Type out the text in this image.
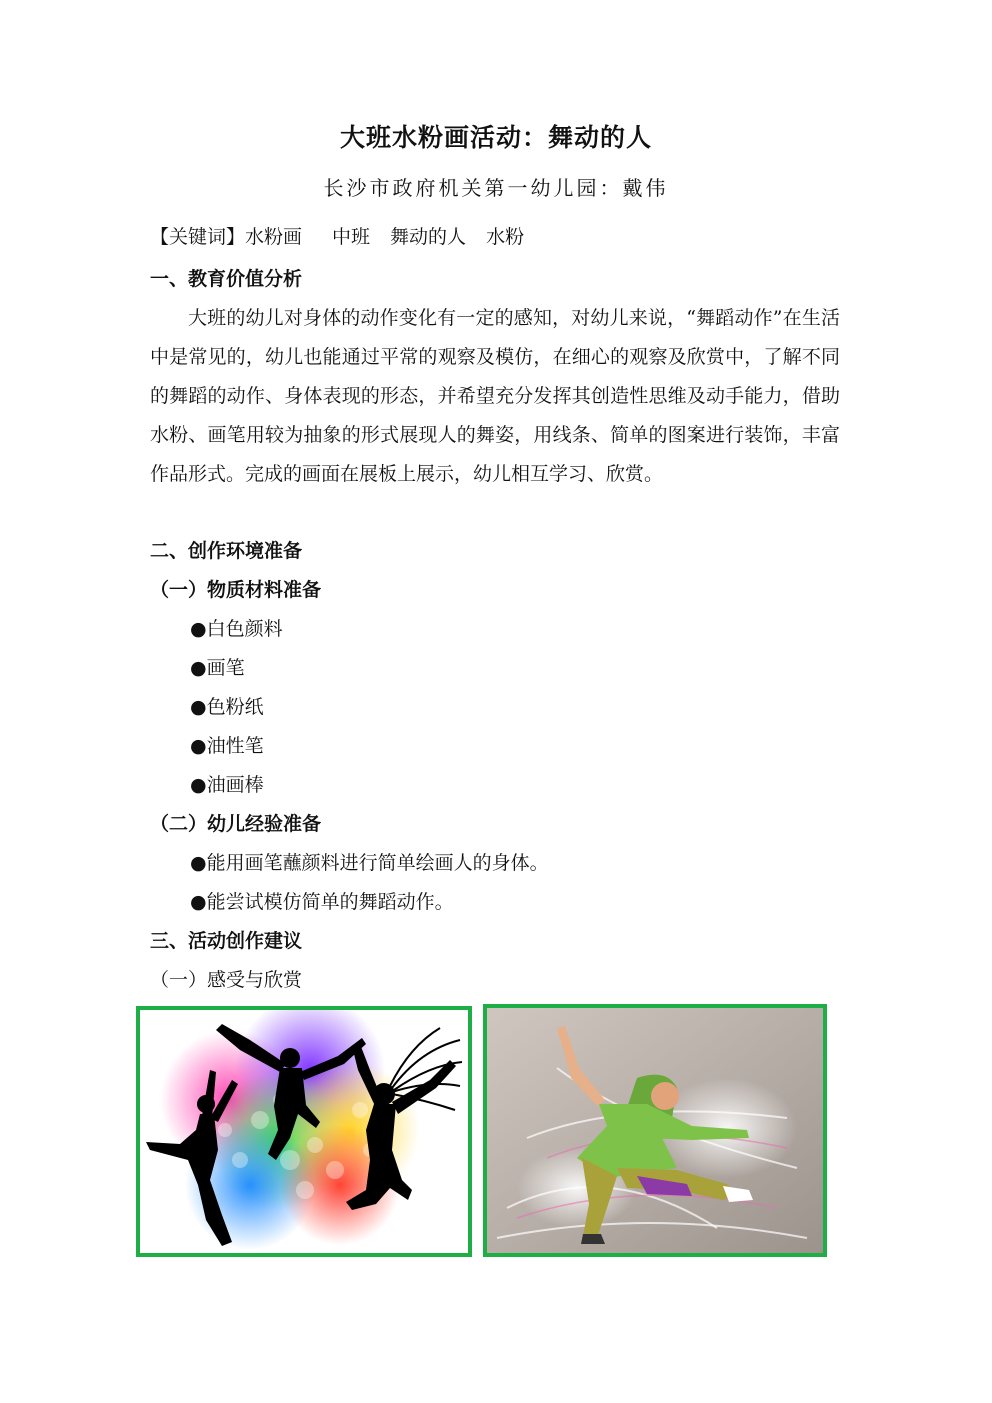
大班水粉画活动：舞动的人
长沙市政府机关第一幼儿园：戴伟
【关键词】水粉画 中班 舞动的人 水粉
一、教育价值分析
大班的幼儿对身体的动作变化有一定的感知，对幼儿来说，“舞蹈动作”在生活中是常见的，幼儿也能通过平常的观察及模仿，在细心的观察及欣赏中，了解不同的舞蹈的动作、身体表现的形态，并希望充分发挥其创造性思维及动手能力，借助水粉、画笔用较为抽象的形式展现人的舞姿，用线条、简单的图案进行装饰，丰富作品形式。完成的画面在展板上展示，幼儿相互学习、欣赏。
二、创作环境准备
（一）物质材料准备
●白色颜料
●画笔
●色粉纸
●油性笔
●油画棒
（二）幼儿经验准备
●能用画笔蘸颜料进行简单绘画人的身体。
●能尝试模仿简单的舞蹈动作。
三、活动创作建议
（一）感受与欣赏
